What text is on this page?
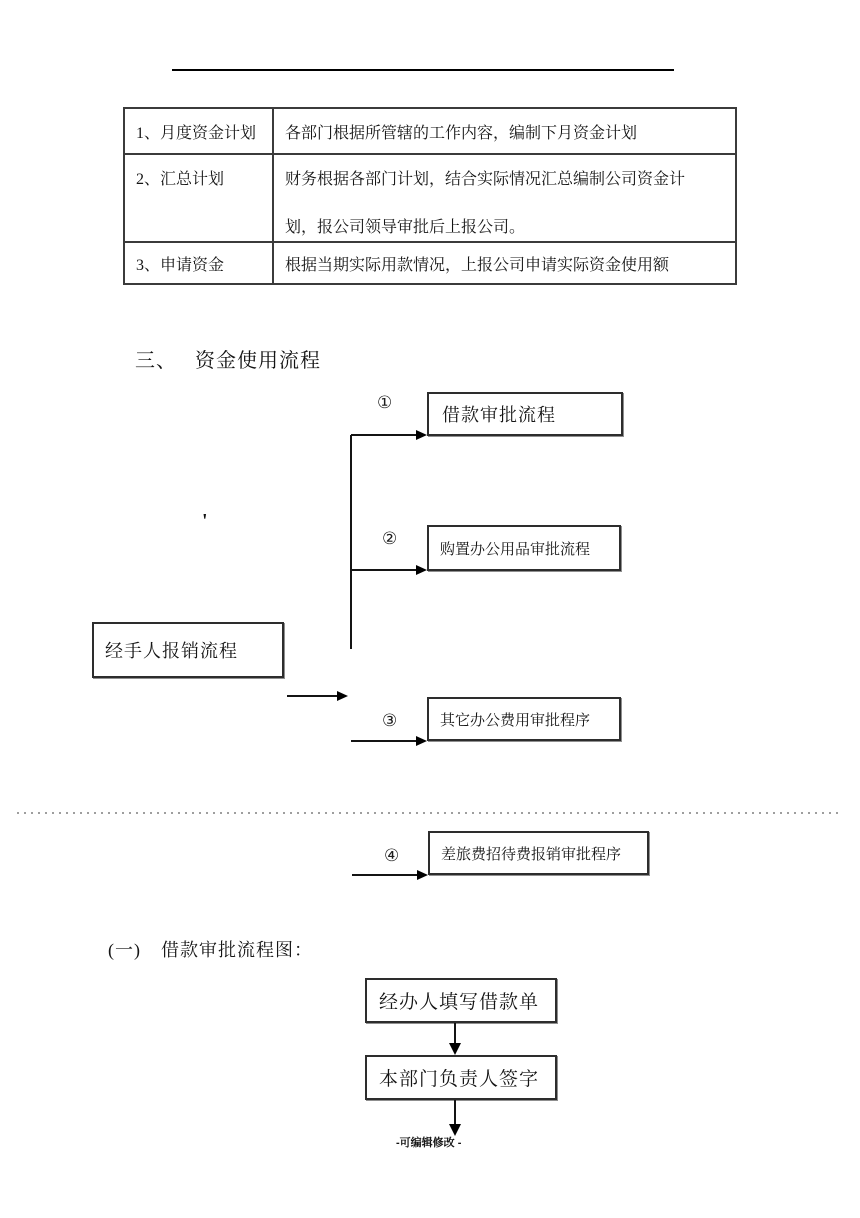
1、月度资金计划 各部门根据所管辖的工作内容，编制下月资金计划
2、汇总计划	财务根据各部门计划，结合实际情况汇总编制公司资金计
划，报公司领导审批后上报公司。
3、申请资金	根据当期实际用款情况，上报公司申请实际资金使用额
三、 资金使用流程
'
①
借款审批流程
②
购置办公用品审批流程
经手人报销流程
③	其它办公费用审批程序
④	差旅费招待费报销审批程序
(一) 借款审批流程图：
经办人填写借款单
本部门负责人签字
-可编辑修改 -
